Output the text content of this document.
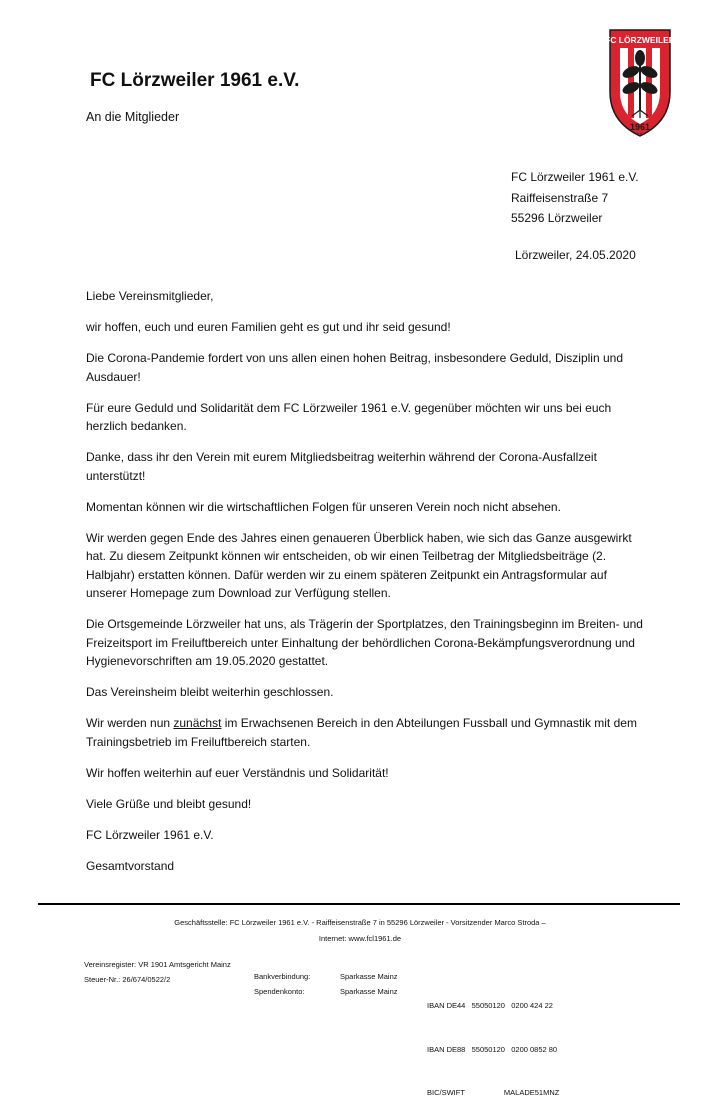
FC Lörzweiler 1961 e.V.
An die Mitglieder
FC LÖRZWEILER
1961
e.V.
FC Lörzweiler 1961 e.V.
Raiffeisenstraße 7
55296 Lörzweiler
Lörzweiler, 24.05.2020

Liebe Vereinsmitglieder,

wir hoffen, euch und euren Familien geht es gut und ihr seid gesund!

Die Corona-Pandemie fordert von uns allen einen hohen Beitrag, insbesondere Geduld, Disziplin und Ausdauer!

Für eure Geduld und Solidarität dem FC Lörzweiler 1961 e.V. gegenüber möchten wir uns bei euch herzlich bedanken.

Danke, dass ihr den Verein mit eurem Mitgliedsbeitrag weiterhin während der Corona-Ausfallzeit unterstützt!

Momentan können wir die wirtschaftlichen Folgen für unseren Verein noch nicht absehen.

Wir werden gegen Ende des Jahres einen genaueren Überblick haben, wie sich das Ganze ausgewirkt hat. Zu diesem Zeitpunkt können wir entscheiden, ob wir einen Teilbetrag der Mitgliedsbeiträge (2. Halbjahr) erstatten können. Dafür werden wir zu einem späteren Zeitpunkt ein Antragsformular auf unserer Homepage zum Download zur Verfügung stellen.

Die Ortsgemeinde Lörzweiler hat uns, als Trägerin der Sportplatzes, den Trainingsbeginn im Breiten- und Freizeitsport im Freiluftbereich unter Einhaltung der behördlichen Corona-Bekämpfungsverordnung und Hygienevorschriften am 19.05.2020 gestattet.

Das Vereinsheim bleibt weiterhin geschlossen.

Wir werden nun zunächst im Erwachsenen Bereich in den Abteilungen Fussball und Gymnastik mit dem Trainingsbetrieb im Freiluftbereich starten.

Wir hoffen weiterhin auf euer Verständnis und Solidarität!

Viele Grüße und bleibt gesund!

FC Lörzweiler 1961 e.V.

Gesamtvorstand

Geschäftsstelle: FC Lörzweiler 1961 e.V. - Raiffeisenstraße 7 in 55296 Lörzweiler - Vorsitzender Marco Stroda –
Internet: www.fcl1961.de
Vereinsregister: VR 1901 Amtsgericht Mainz
Steuer-Nr.: 26/674/0522/2	Bankverbindung:
Spendenkonto:
Sparkasse Mainz
Sparkasse Mainz

IBAN DE44   55050120   0200 424 22

IBAN DE88   55050120   0200 0852 80

BIC/SWIFT	MALADE51MNZ
